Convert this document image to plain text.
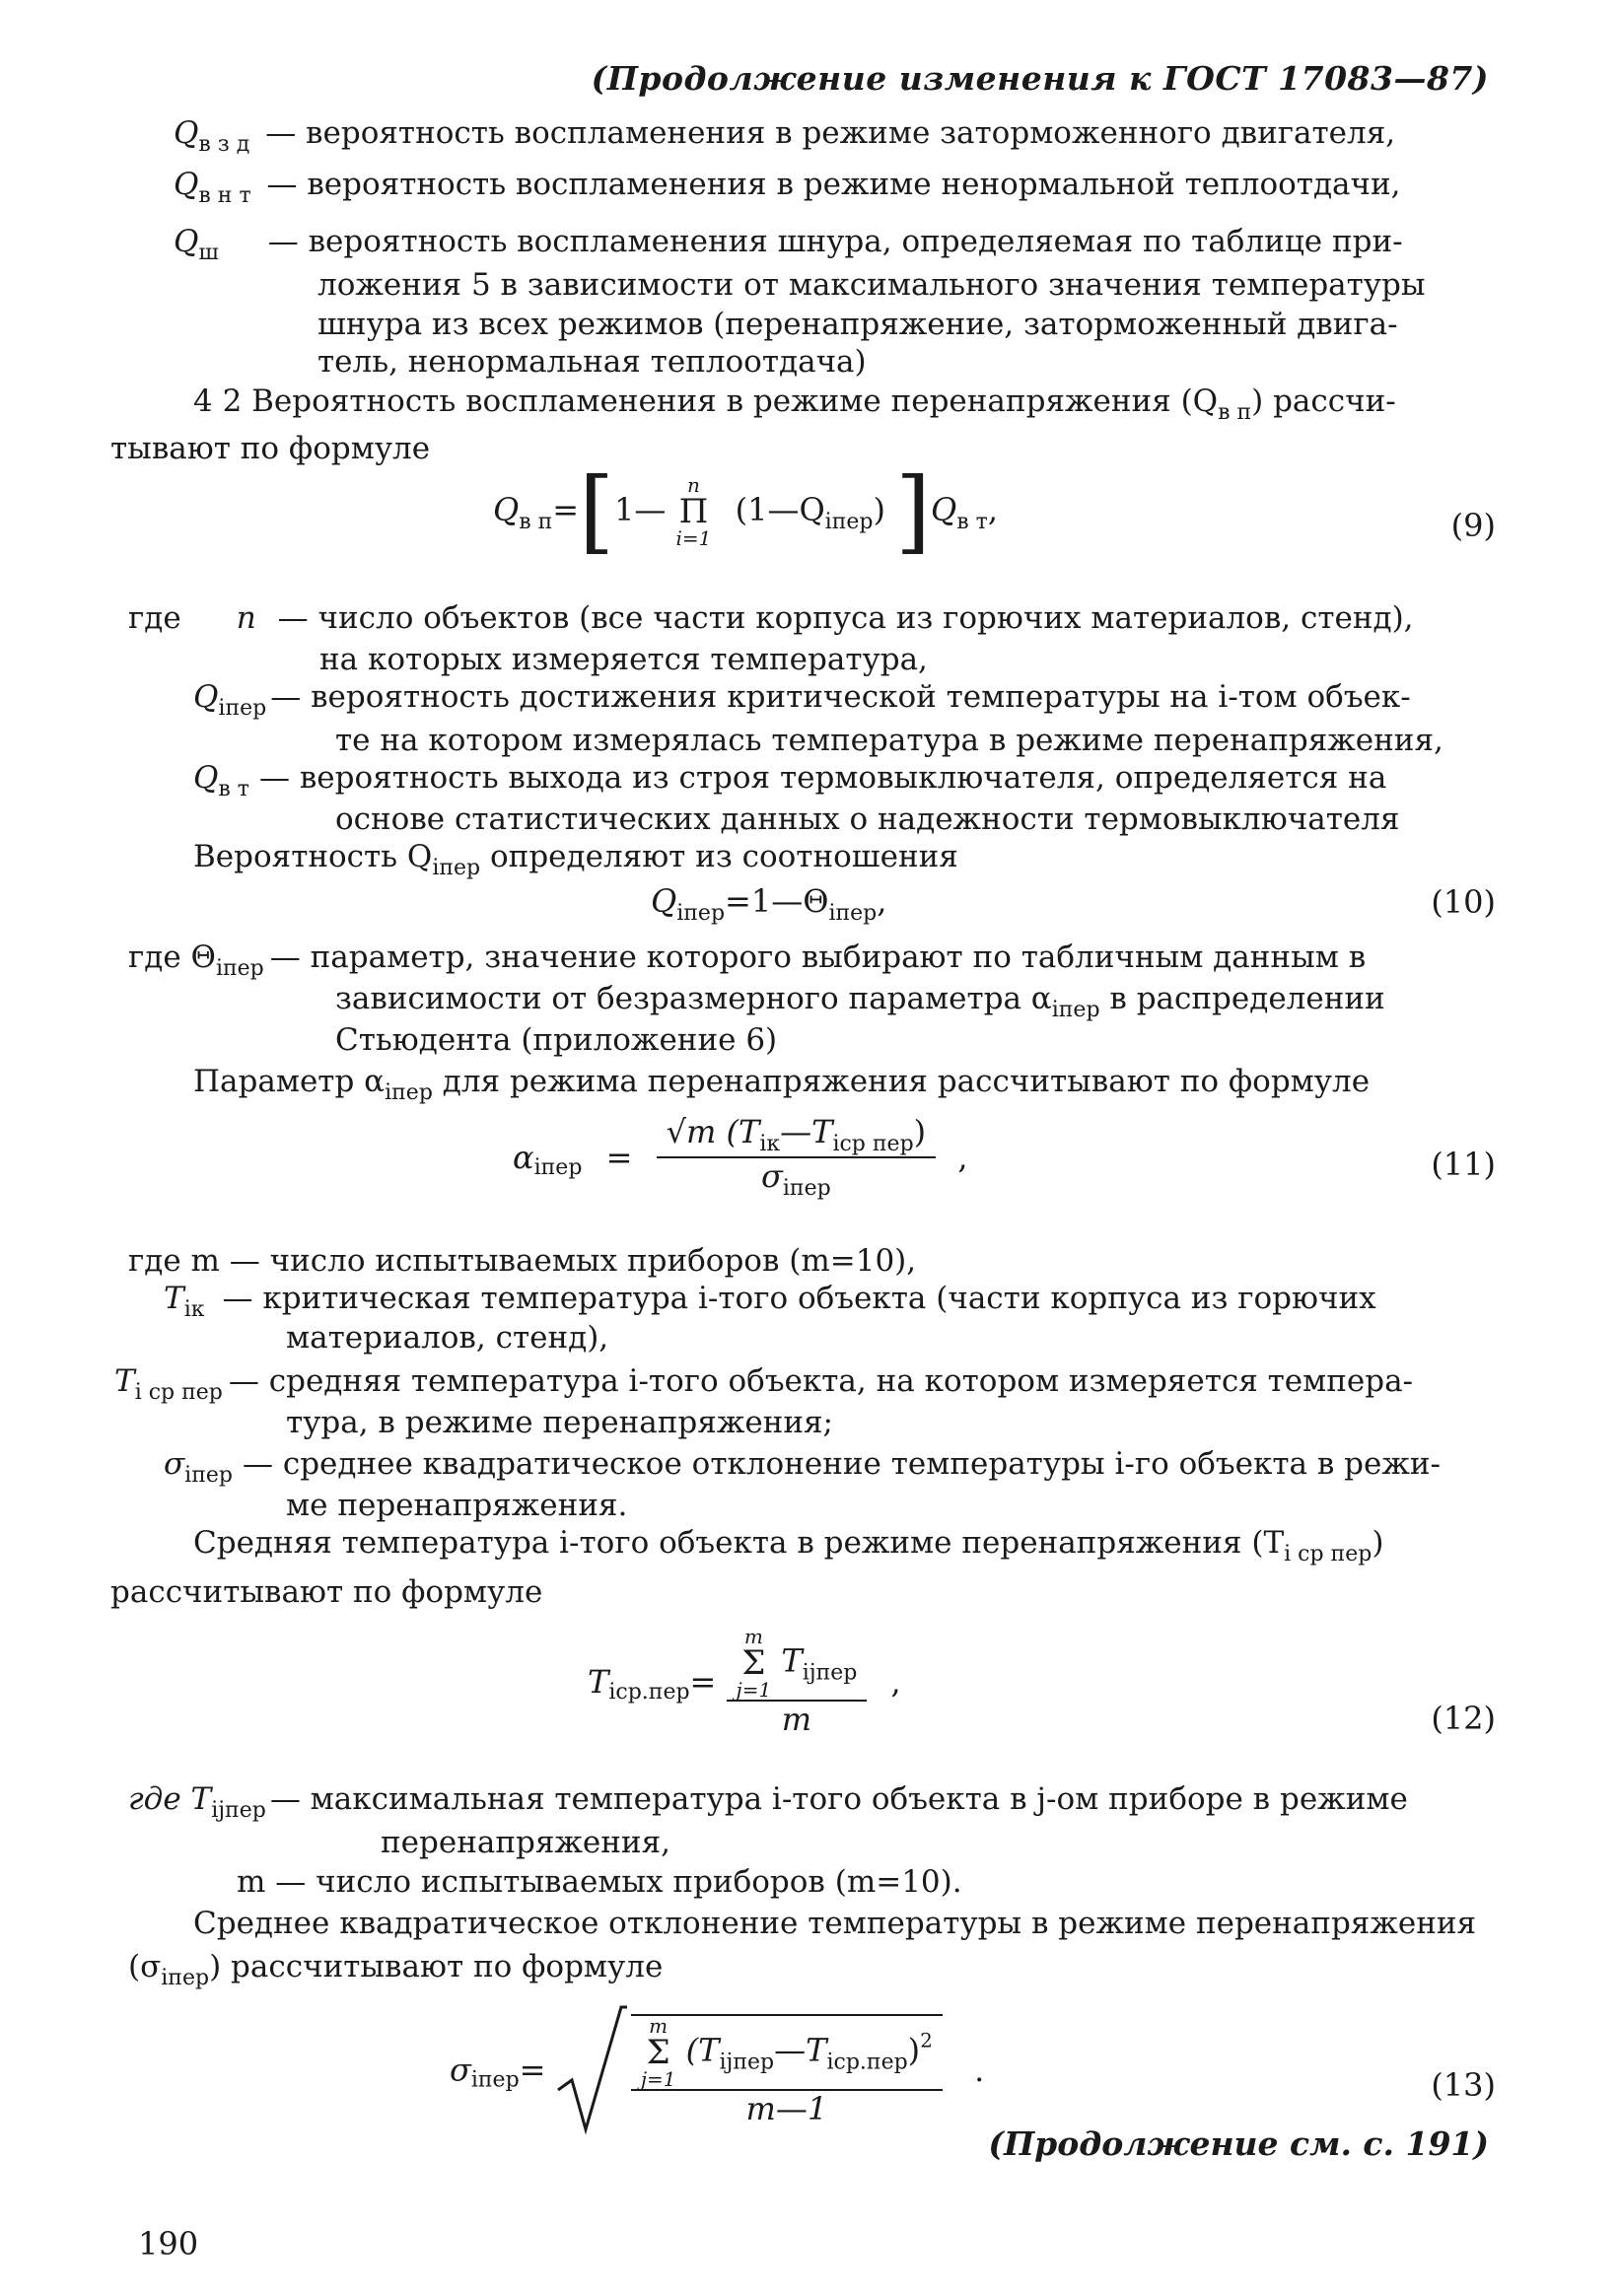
(Продолжение изменения к ГОСТ 17083—87)
$Q_{в з д}$ — вероятность воспламенения в режиме заторможенного двигателя,
$Q_{в н т}$ — вероятность воспламенения в режиме ненормальной теплоотдачи,
$Q_ш$ — вероятность воспламенения шнура, определяемая по таблице при-
ложения 5 в зависимости от максимального значения температуры
шнура из всех режимов (перенапряжение, заторможенный двига-
тель, ненормальная теплоотдача)
4 2 Вероятность воспламенения в режиме перенапряжения $(Q_{в п})$ рассчи-
тывают по формуле
$Q_{в п}=[1—$
n
Π
i=1
$(1—Q_{iпер})$ ]$Q_{в т}$,	(9)
где n — число объектов (все части корпуса из горючих материалов, стенд),
на которых измеряется температура,
$Q_{iпер}$ — вероятность достижения критической температуры на i-том объек-
те на котором измерялась температура в режиме перенапряжения,
$Q_{в т}$ — вероятность выхода из строя термовыключателя, определяется на
основе статистических данных о надежности термовыключателя
Вероятность $Q_{iпер}$ определяют из соотношения
$Q_{iпер}=1—\Theta_{iпер}$,	(10)
где $\Theta_{iпер}$ — параметр, значение которого выбирают по табличным данным в
зависимости от безразмерного параметра $\alpha_{iпер}$ в распределении
Стьюдента (приложение 6)
Параметр $\alpha_{iпер}$ для режима перенапряжения рассчитывают по формуле
$\alpha_{iпер} = \frac{√m (T_{iк}—T_{iср пер})}{\sigma_{iпер}}$ ,	(11)
где m — число испытываемых приборов (m=10),
$T_{iк}$ — критическая температура i-того объекта (части корпуса из горючих
материалов, стенд),
$T_{i ср пер}$ — средняя температура i-того объекта, на котором измеряется темпера-
тура, в режиме перенапряжения;
$\sigma_{iпер}$ — среднее квадратическое отклонение температуры i-го объекта в режи-
ме перенапряжения.
Средняя температура i-того объекта в режиме перенапряжения $(T_{i ср пер})$
рассчитывают по формуле
$T_{iср.пер}= m$
Σ
j=1
$T_{ijпер}$
m ,
(12)
где $T_{ijпер}$ — максимальная температура i-того объекта в j-ом приборе в режиме
перенапряжения,
m — число испытываемых приборов (m=10).
Среднее квадратическое отклонение температуры в режиме перенапряжения
$(\sigma_{iпер})$ рассчитывают по формуле
$\sigma_{iпер}=$	m
Σ
j=1
$(T_{ijпер}—T_{iср.пер})^2$
m—1 .	(13)
(Продолжение см. с. 191)
190
